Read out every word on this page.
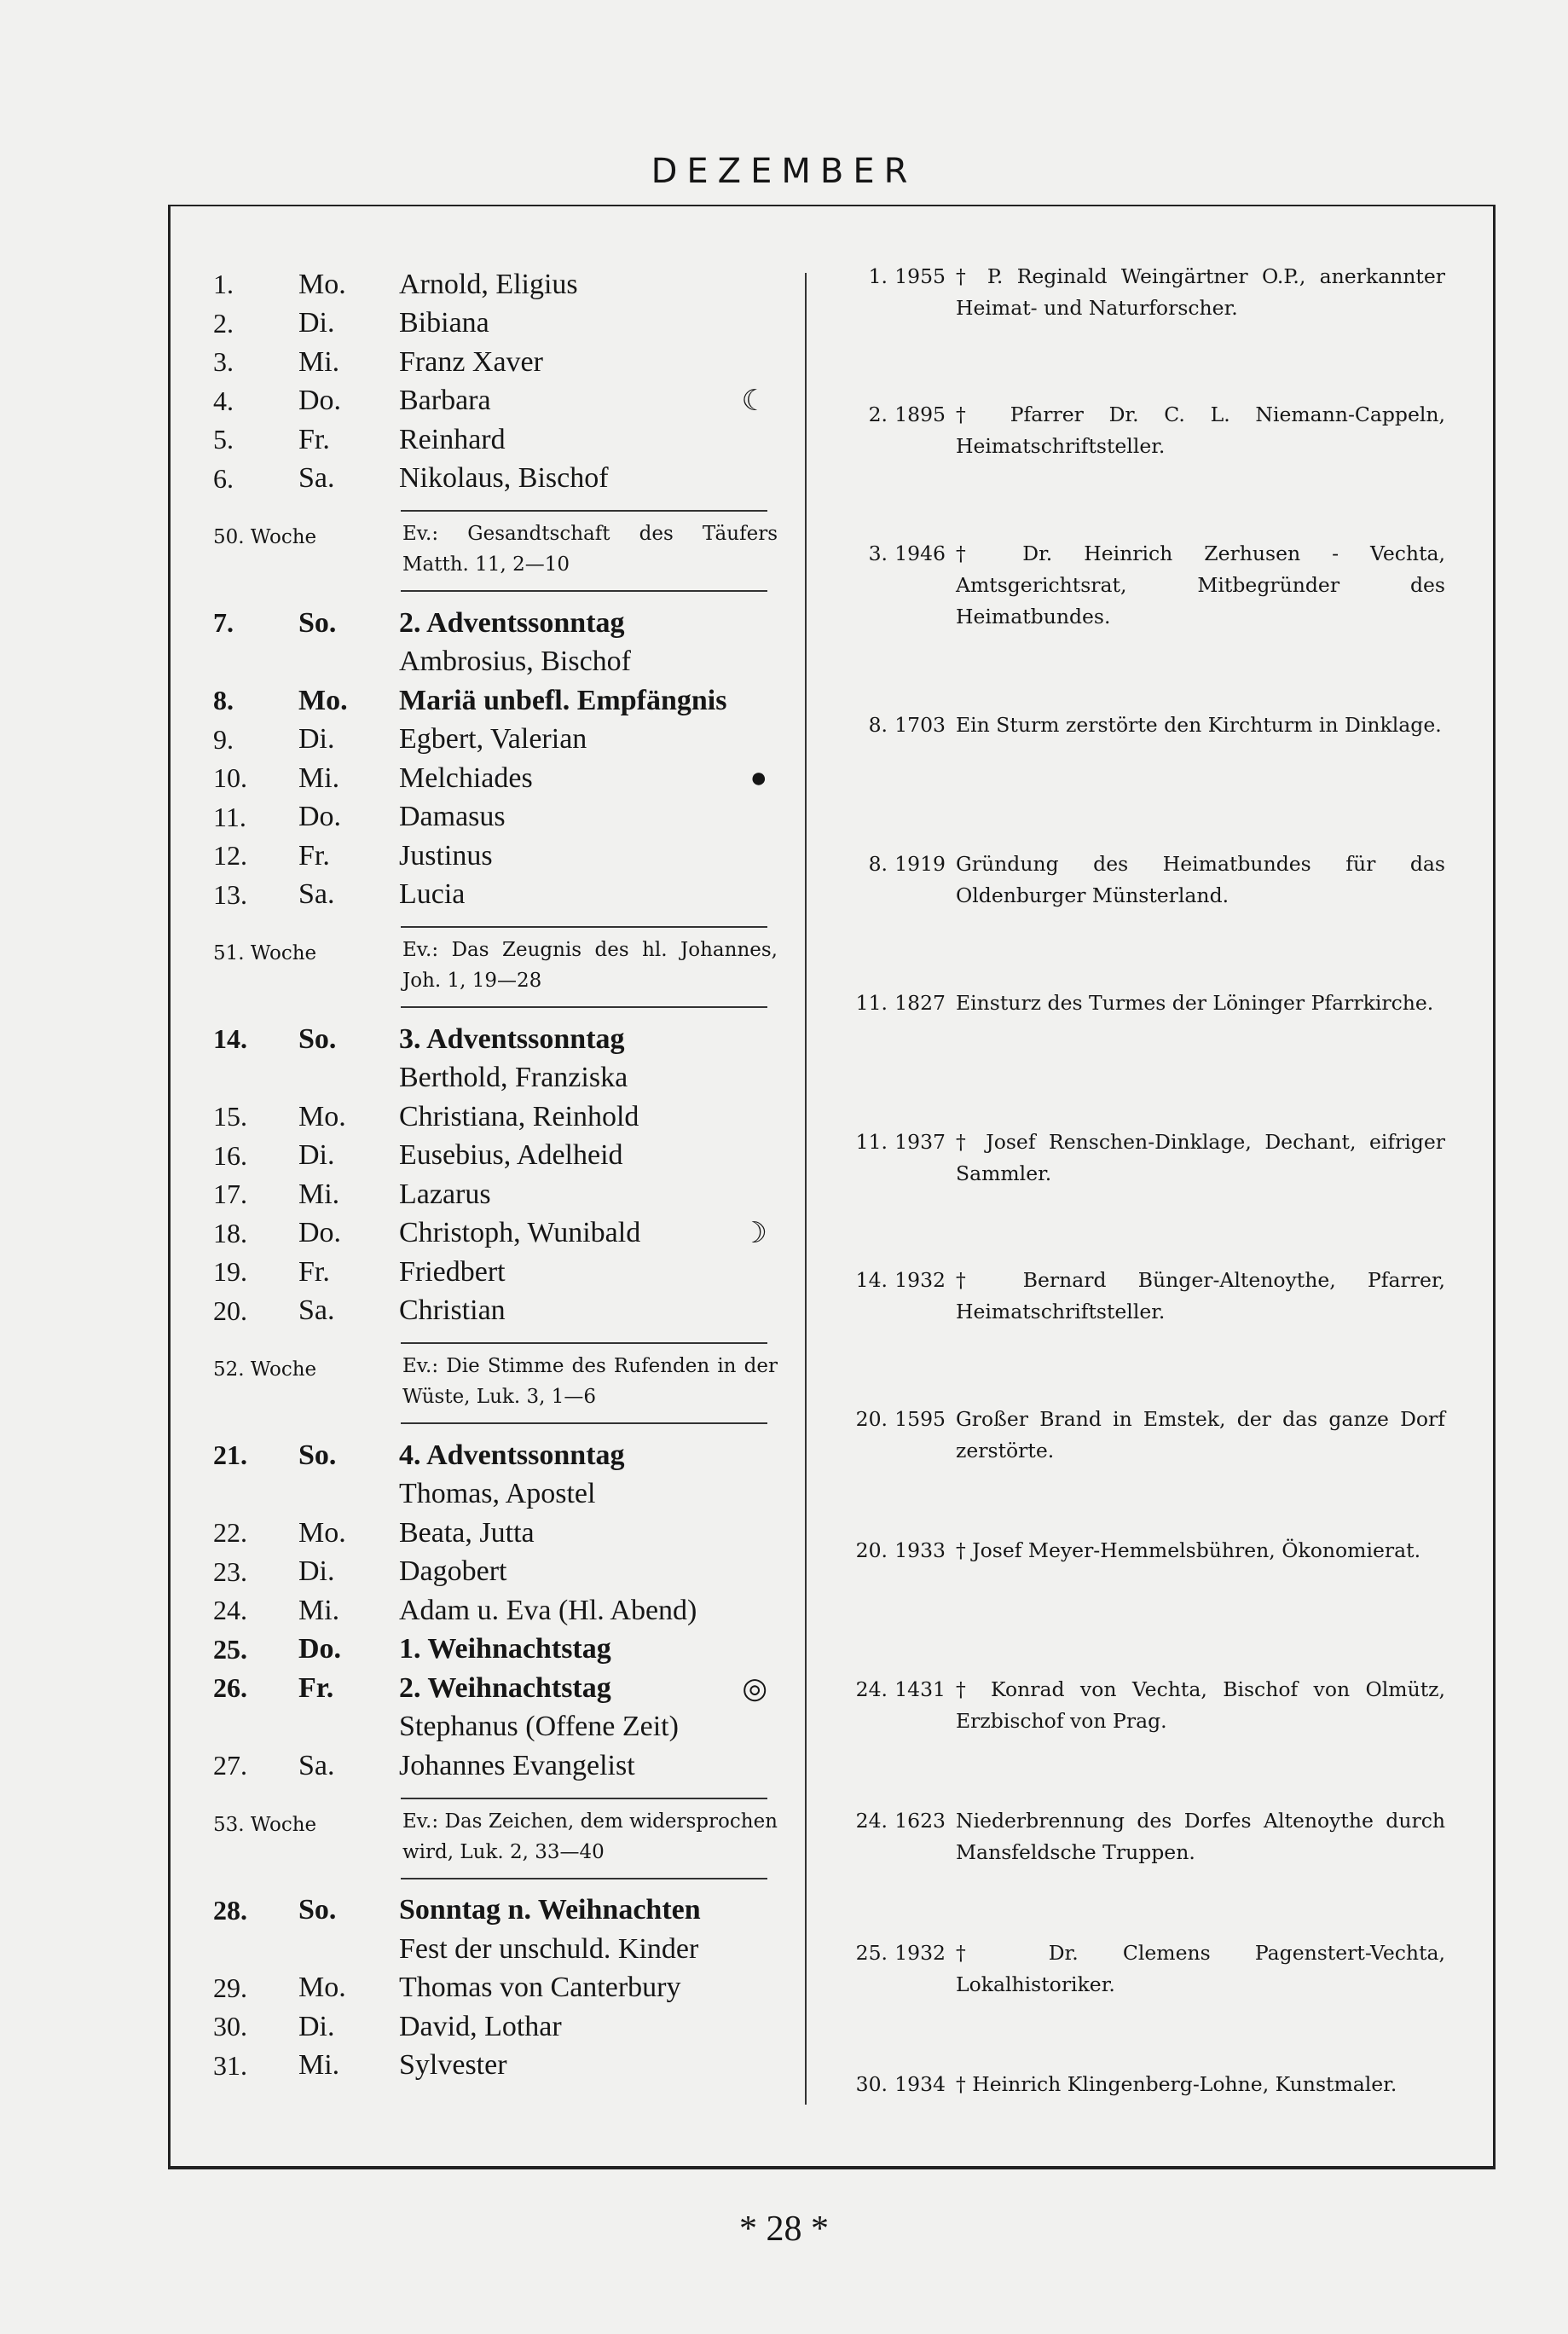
DEZEMBER
1.	Mo.	Arnold, Eligius
2.	Di.	Bibiana
3.	Mi.	Franz Xaver
4.	Do.	Barbara	☾
5.	Fr.	Reinhard
6.	Sa.	Nikolaus, Bischof
50. Woche	Ev.: Gesandtschaft des Täufers Matth. 11, 2—10
7.	So.	2. Adventssonntag
Ambrosius, Bischof
8.	Mo.	Mariä unbefl. Empfängnis
9.	Di.	Egbert, Valerian
10.	Mi.	Melchiades	●
11.	Do.	Damasus
12.	Fr.	Justinus
13.	Sa.	Lucia
51. Woche	Ev.: Das Zeugnis des hl. Johannes, Joh. 1, 19—28
14.	So.	3. Adventssonntag
Berthold, Franziska
15.	Mo.	Christiana, Reinhold
16.	Di.	Eusebius, Adelheid
17.	Mi.	Lazarus
18.	Do.	Christoph, Wunibald	☽
19.	Fr.	Friedbert
20.	Sa.	Christian
52. Woche	Ev.: Die Stimme des Rufenden in der Wüste, Luk. 3, 1—6
21.	So.	4. Adventssonntag
Thomas, Apostel
22.	Mo.	Beata, Jutta
23.	Di.	Dagobert
24.	Mi.	Adam u. Eva (Hl. Abend)
25.	Do.	1. Weihnachtstag
26.	Fr.	2. Weihnachtstag	◎
Stephanus (Offene Zeit)
27.	Sa.	Johannes Evangelist
53. Woche	Ev.: Das Zeichen, dem widersprochen wird, Luk. 2, 33—40
28.	So.	Sonntag n. Weihnachten
Fest der unschuld. Kinder
29.	Mo.	Thomas von Canterbury
30.	Di.	David, Lothar
31.	Mi.	Sylvester
1. 1955 † P. Reginald Weingärtner O.P., anerkannter Heimat- und Naturforscher.
2. 1895 † Pfarrer Dr. C. L. Niemann-Cappeln, Heimatschriftsteller.
3. 1946 † Dr. Heinrich Zerhusen - Vechta, Amtsgerichtsrat, Mitbegründer des Heimatbundes.
8. 1703 Ein Sturm zerstörte den Kirchturm in Dinklage.
8. 1919 Gründung des Heimatbundes für das Oldenburger Münsterland.
11. 1827 Einsturz des Turmes der Löninger Pfarrkirche.
11. 1937 † Josef Renschen-Dinklage, Dechant, eifriger Sammler.
14. 1932 † Bernard Bünger-Altenoythe, Pfarrer, Heimatschriftsteller.
20. 1595 Großer Brand in Emstek, der das ganze Dorf zerstörte.
20. 1933 † Josef Meyer-Hemmelsbühren, Ökonomierat.
24. 1431 † Konrad von Vechta, Bischof von Olmütz, Erzbischof von Prag.
24. 1623 Niederbrennung des Dorfes Altenoythe durch Mansfeldsche Truppen.
25. 1932 † Dr. Clemens Pagenstert-Vechta, Lokalhistoriker.
30. 1934 † Heinrich Klingenberg-Lohne, Kunstmaler.
* 28 *
